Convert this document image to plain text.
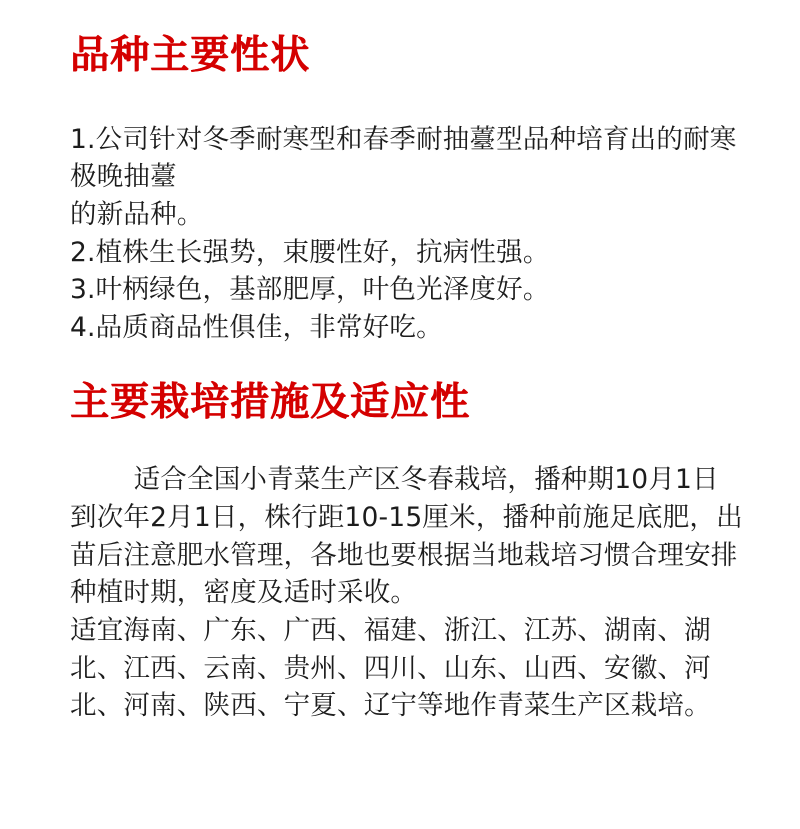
品种主要性状

1.公司针对冬季耐寒型和春季耐抽薹型品种培育出的耐寒极晚抽薹

的新品种。

2.植株生长强势，束腰性好，抗病性强。

3.叶柄绿色，基部肥厚，叶色光泽度好。

4.品质商品性俱佳，非常好吃。

主要栽培措施及适应性

适合全国小青菜生产区冬春栽培，播种期10月1日到次年2月1日，株行距10-15厘米，播种前施足底肥，出苗后注意肥水管理，各地也要根据当地栽培习惯合理安排种植时期，密度及适时采收。

适宜海南、广东、广西、福建、浙江、江苏、湖南、湖北、江西、云南、贵州、四川、山东、山西、安徽、河北、河南、陕西、宁夏、辽宁等地作青菜生产区栽培。
